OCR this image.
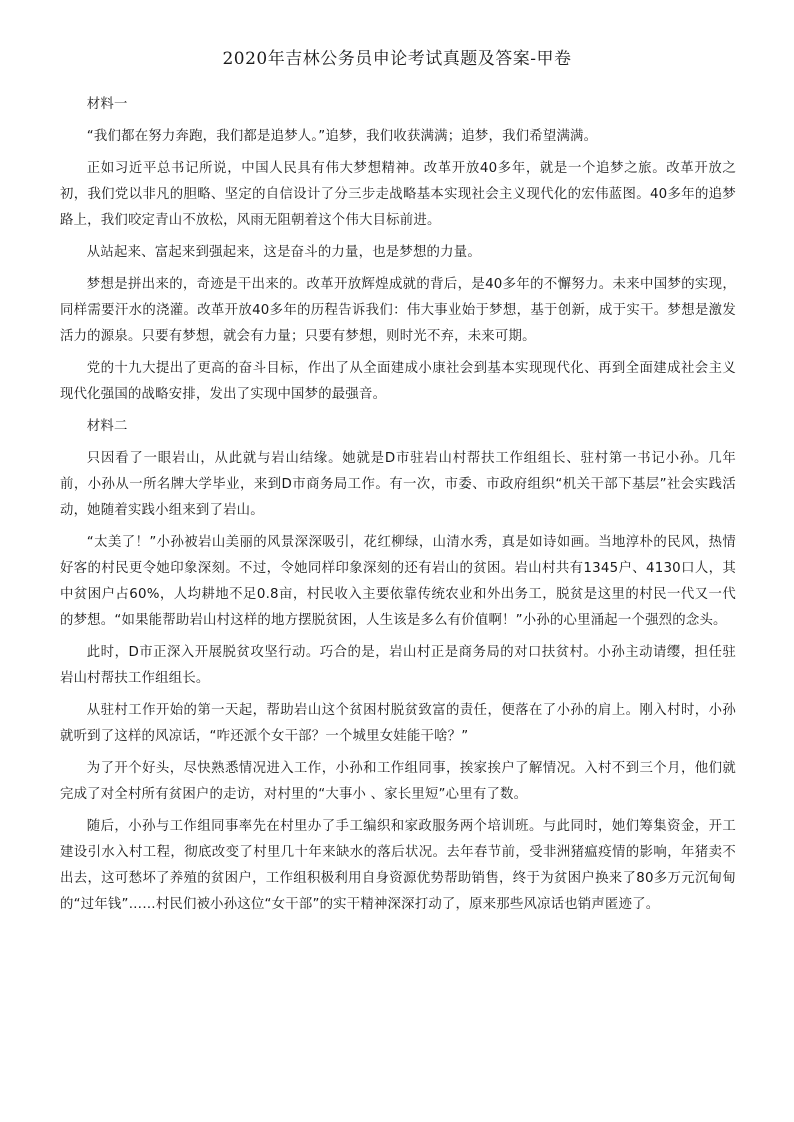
2020年吉林公务员申论考试真题及答案-甲卷

材料一

“我们都在努力奔跑，我们都是追梦人。”追梦，我们收获满满；追梦，我们希望满满。

正如习近平总书记所说，中国人民具有伟大梦想精神。改革开放40多年，就是一个追梦之旅。改革开放之初，我们党以非凡的胆略、坚定的自信设计了分三步走战略基本实现社会主义现代化的宏伟蓝图。40多年的追梦路上，我们咬定青山不放松，风雨无阻朝着这个伟大目标前进。

从站起来、富起来到强起来，这是奋斗的力量，也是梦想的力量。

梦想是拼出来的，奇迹是干出来的。改革开放辉煌成就的背后，是40多年的不懈努力。未来中国梦的实现，同样需要汗水的浇灌。改革开放40多年的历程告诉我们：伟大事业始于梦想，基于创新，成于实干。梦想是激发活力的源泉。只要有梦想，就会有力量；只要有梦想，则时光不弃，未来可期。

党的十九大提出了更高的奋斗目标，作出了从全面建成小康社会到基本实现现代化、再到全面建成社会主义现代化强国的战略安排，发出了实现中国梦的最强音。

材料二

只因看了一眼岩山，从此就与岩山结缘。她就是D市驻岩山村帮扶工作组组长、驻村第一书记小孙。几年前，小孙从一所名牌大学毕业，来到D市商务局工作。有一次，市委、市政府组织“机关干部下基层”社会实践活动，她随着实践小组来到了岩山。

“太美了！”小孙被岩山美丽的风景深深吸引，花红柳绿，山清水秀，真是如诗如画。当地淳朴的民风，热情好客的村民更令她印象深刻。不过，令她同样印象深刻的还有岩山的贫困。岩山村共有1345户、4130口人，其中贫困户占60%，人均耕地不足0.8亩，村民收入主要依靠传统农业和外出务工，脱贫是这里的村民一代又一代的梦想。“如果能帮助岩山村这样的地方摆脱贫困，人生该是多么有价值啊！”小孙的心里涌起一个强烈的念头。

此时，D市正深入开展脱贫攻坚行动。巧合的是，岩山村正是商务局的对口扶贫村。小孙主动请缨，担任驻岩山村帮扶工作组组长。

从驻村工作开始的第一天起，帮助岩山这个贫困村脱贫致富的责任，便落在了小孙的肩上。刚入村时，小孙就听到了这样的风凉话，“咋还派个女干部？一个城里女娃能干啥？”

为了开个好头，尽快熟悉情况进入工作，小孙和工作组同事，挨家挨户了解情况。入村不到三个月，他们就完成了对全村所有贫困户的走访，对村里的“大事小 、家长里短”心里有了数。

随后，小孙与工作组同事率先在村里办了手工编织和家政服务两个培训班。与此同时，她们筹集资金，开工建设引水入村工程，彻底改变了村里几十年来缺水的落后状况。去年春节前，受非洲猪瘟疫情的影响，年猪卖不出去，这可愁坏了养殖的贫困户，工作组积极利用自身资源优势帮助销售，终于为贫困户换来了80多万元沉甸甸的“过年钱”……村民们被小孙这位“女干部”的实干精神深深打动了，原来那些风凉话也销声匿迹了。
